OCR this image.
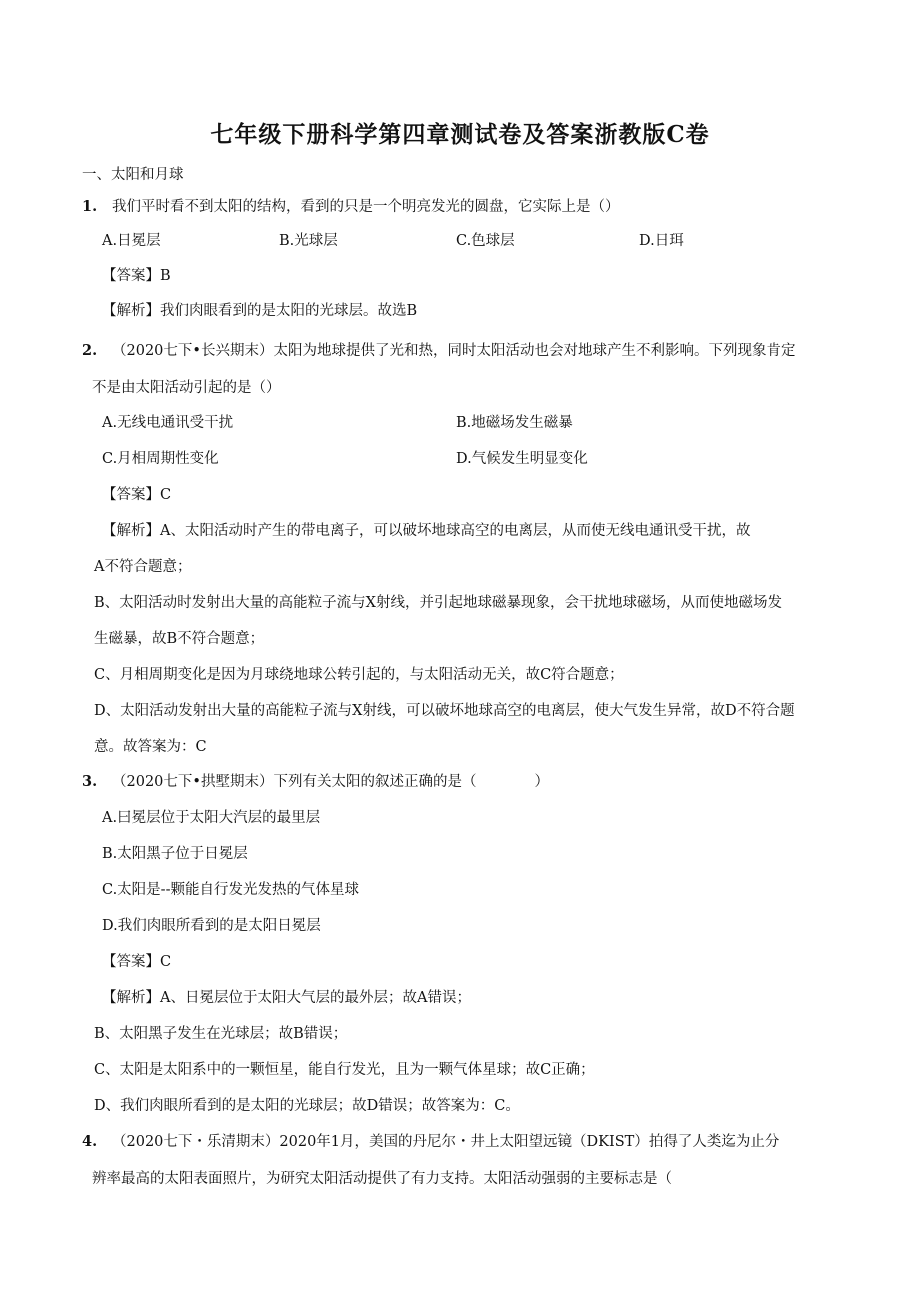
七年级下册科学第四章测试卷及答案浙教版C卷
一、太阳和月球
1. 我们平时看不到太阳的结构，看到的只是一个明亮发光的圆盘，它实际上是（）
A.日冕层	B.光球层	C.色球层	D.日珥
【答案】B
【解析】我们肉眼看到的是太阳的光球层。故选B
2. （2020七下•长兴期末）太阳为地球提供了光和热，同时太阳活动也会对地球产生不利影响。下列现象肯定
不是由太阳活动引起的是（）
A.无线电通讯受干扰	B.地磁场发生磁暴
C.月相周期性变化	D.气候发生明显变化
【答案】C
【解析】A、太阳活动时产生的带电离子，可以破坏地球高空的电离层，从而使无线电通讯受干扰，故
A不符合题意；
B、太阳活动时发射出大量的高能粒子流与X射线，并引起地球磁暴现象，会干扰地球磁场，从而使地磁场发
生磁暴，故B不符合题意；
C、月相周期变化是因为月球绕地球公转引起的，与太阳活动无关，故C符合题意；
D、太阳活动发射出大量的高能粒子流与X射线，可以破坏地球高空的电离层，使大气发生异常，故D不符合题
意。故答案为：C
3. （2020七下•拱墅期末）下列有关太阳的叙述正确的是（　　　　）
A.曰冕层位于太阳大汽层的最里层
B.太阳黑子位于日冕层
C.太阳是--颗能自行发光发热的气体星球
D.我们肉眼所看到的是太阳日冕层
【答案】C
【解析】A、日冕层位于太阳大气层的最外层；故A错误；
B、太阳黑子发生在光球层；故B错误；
C、太阳是太阳系中的一颗恒星，能自行发光，且为一颗气体星球；故C正确；
D、我们肉眼所看到的是太阳的光球层；故D错误；故答案为：C。
4. （2020七下・乐清期末）2020年1月，美国的丹尼尔・井上太阳望远镜（DKIST）拍得了人类迄为止分
辨率最高的太阳表面照片，为研究太阳活动提供了有力支持。太阳活动强弱的主要标志是（
